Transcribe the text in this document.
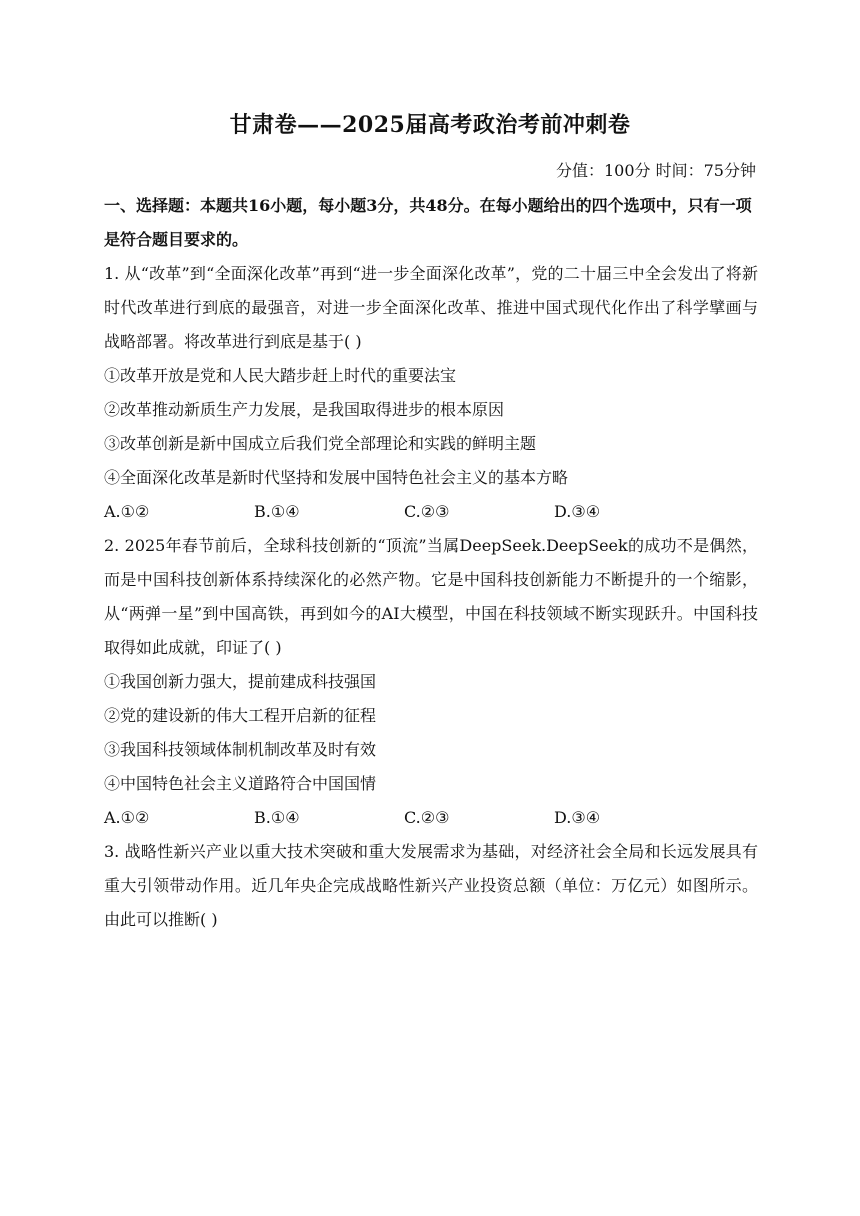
甘肃卷——2025届高考政治考前冲刺卷
分值：100分 时间：75分钟

一、选择题：本题共16小题，每小题3分，共48分。在每小题给出的四个选项中，只有一项是符合题目要求的。

1. 从“改革”到“全面深化改革”再到“进一步全面深化改革”，党的二十届三中全会发出了将新时代改革进行到底的最强音，对进一步全面深化改革、推进中国式现代化作出了科学擘画与战略部署。将改革进行到底是基于( )

①改革开放是党和人民大踏步赶上时代的重要法宝

②改革推动新质生产力发展，是我国取得进步的根本原因

③改革创新是新中国成立后我们党全部理论和实践的鲜明主题

④全面深化改革是新时代坚持和发展中国特色社会主义的基本方略

A.①②	B.①④	C.②③	D.③④

2. 2025年春节前后，全球科技创新的“顶流”当属DeepSeek.DeepSeek的成功不是偶然，而是中国科技创新体系持续深化的必然产物。它是中国科技创新能力不断提升的一个缩影，从“两弹一星”到中国高铁，再到如今的AI大模型，中国在科技领域不断实现跃升。中国科技取得如此成就，印证了( )

①我国创新力强大，提前建成科技强国

②党的建设新的伟大工程开启新的征程

③我国科技领域体制机制改革及时有效

④中国特色社会主义道路符合中国国情

A.①②	B.①④	C.②③	D.③④

3. 战略性新兴产业以重大技术突破和重大发展需求为基础，对经济社会全局和长远发展具有重大引领带动作用。近几年央企完成战略性新兴产业投资总额（单位：万亿元）如图所示。由此可以推断( )
